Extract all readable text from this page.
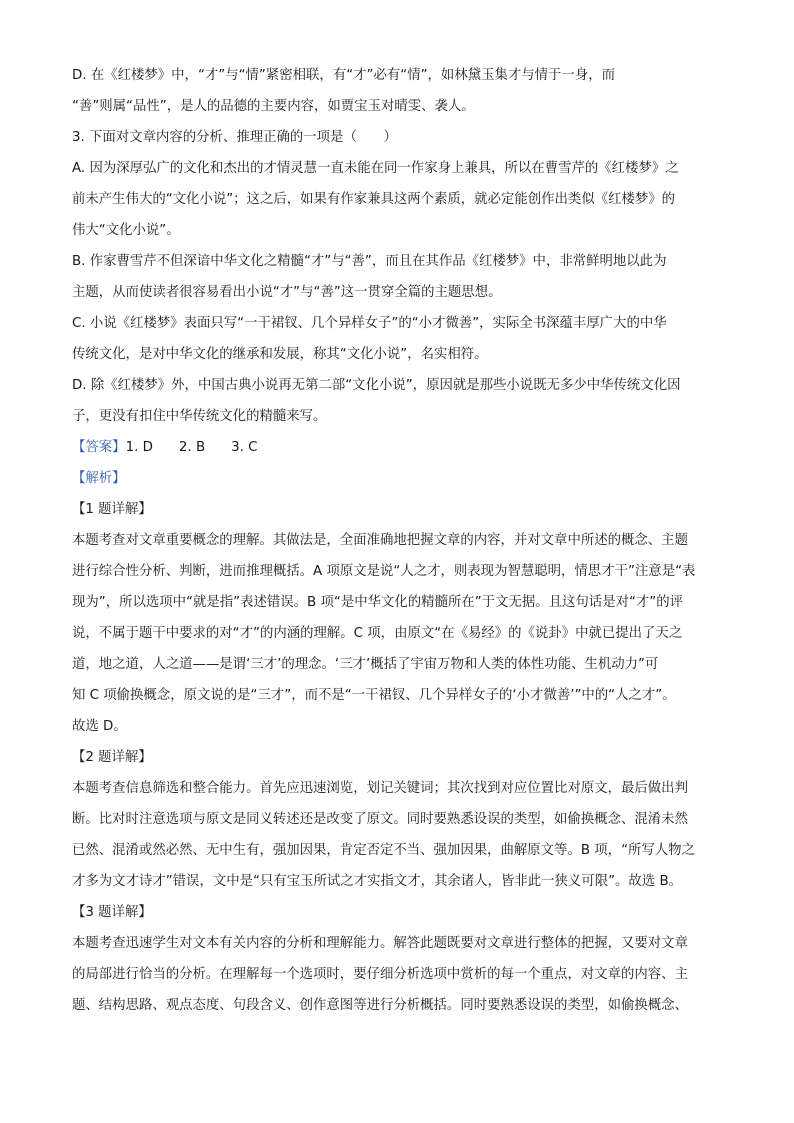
D. 在《红楼梦》中，“才”与“情”紧密相联，有“才”必有“情”，如林黛玉集才与情于一身，而
“善”则属“品性”，是人的品德的主要内容，如贾宝玉对晴雯、袭人。
3. 下面对文章内容的分析、推理正确的一项是（　　）
A. 因为深厚弘广的文化和杰出的才情灵慧一直未能在同一作家身上兼具，所以在曹雪芹的《红楼梦》之
前未产生伟大的“文化小说”；这之后，如果有作家兼具这两个素质，就必定能创作出类似《红楼梦》的
伟大“文化小说”。
B. 作家曹雪芹不但深谙中华文化之精髓“才”与“善”，而且在其作品《红楼梦》中，非常鲜明地以此为
主题，从而使读者很容易看出小说“才”与“善”这一贯穿全篇的主题思想。
C. 小说《红楼梦》表面只写“一干裙钗、几个异样女子”的“小才微善”，实际全书深蕴丰厚广大的中华
传统文化，是对中华文化的继承和发展，称其“文化小说”，名实相符。
D. 除《红楼梦》外，中国古典小说再无第二部“文化小说”，原因就是那些小说既无多少中华传统文化因
子，更没有扣住中华传统文化的精髓来写。
【答案】1. D 2. B 3. C
【解析】
【1 题详解】
本题考查对文章重要概念的理解。其做法是，全面准确地把握文章的内容，并对文章中所述的概念、主题
进行综合性分析、判断，进而推理概括。A 项原文是说“人之才，则表现为智慧聪明，情思才干”注意是“表
现为”，所以选项中“就是指”表述错误。B 项“是中华文化的精髓所在”于文无据。且这句话是对“才”的评
说，不属于题干中要求的对“才”的内涵的理解。C 项，由原文“在《易经》的《说卦》中就已提出了天之
道，地之道，人之道——是谓‘三才’的理念。‘三才’概括了宇宙万物和人类的体性功能、生机动力”可
知 C 项偷换概念，原文说的是“三才”，而不是“一干裙钗、几个异样女子的‘小才微善’”中的“人之才”。
故选 D。
【2 题详解】
本题考查信息筛选和整合能力。首先应迅速浏览，划记关键词；其次找到对应位置比对原文，最后做出判
断。比对时注意选项与原文是同义转述还是改变了原文。同时要熟悉设误的类型，如偷换概念、混淆未然
已然、混淆或然必然、无中生有，强加因果，肯定否定不当、强加因果，曲解原文等。B 项，“所写人物之
才多为文才诗才”错误，文中是“只有宝玉所试之才实指文才，其余诸人，皆非此一狭义可限”。故选 B。
【3 题详解】
本题考查迅速学生对文本有关内容的分析和理解能力。解答此题既要对文章进行整体的把握，又要对文章
的局部进行恰当的分析。在理解每一个选项时，要仔细分析选项中赏析的每一个重点，对文章的内容、主
题、结构思路、观点态度、句段含义、创作意图等进行分析概括。同时要熟悉设误的类型，如偷换概念、
